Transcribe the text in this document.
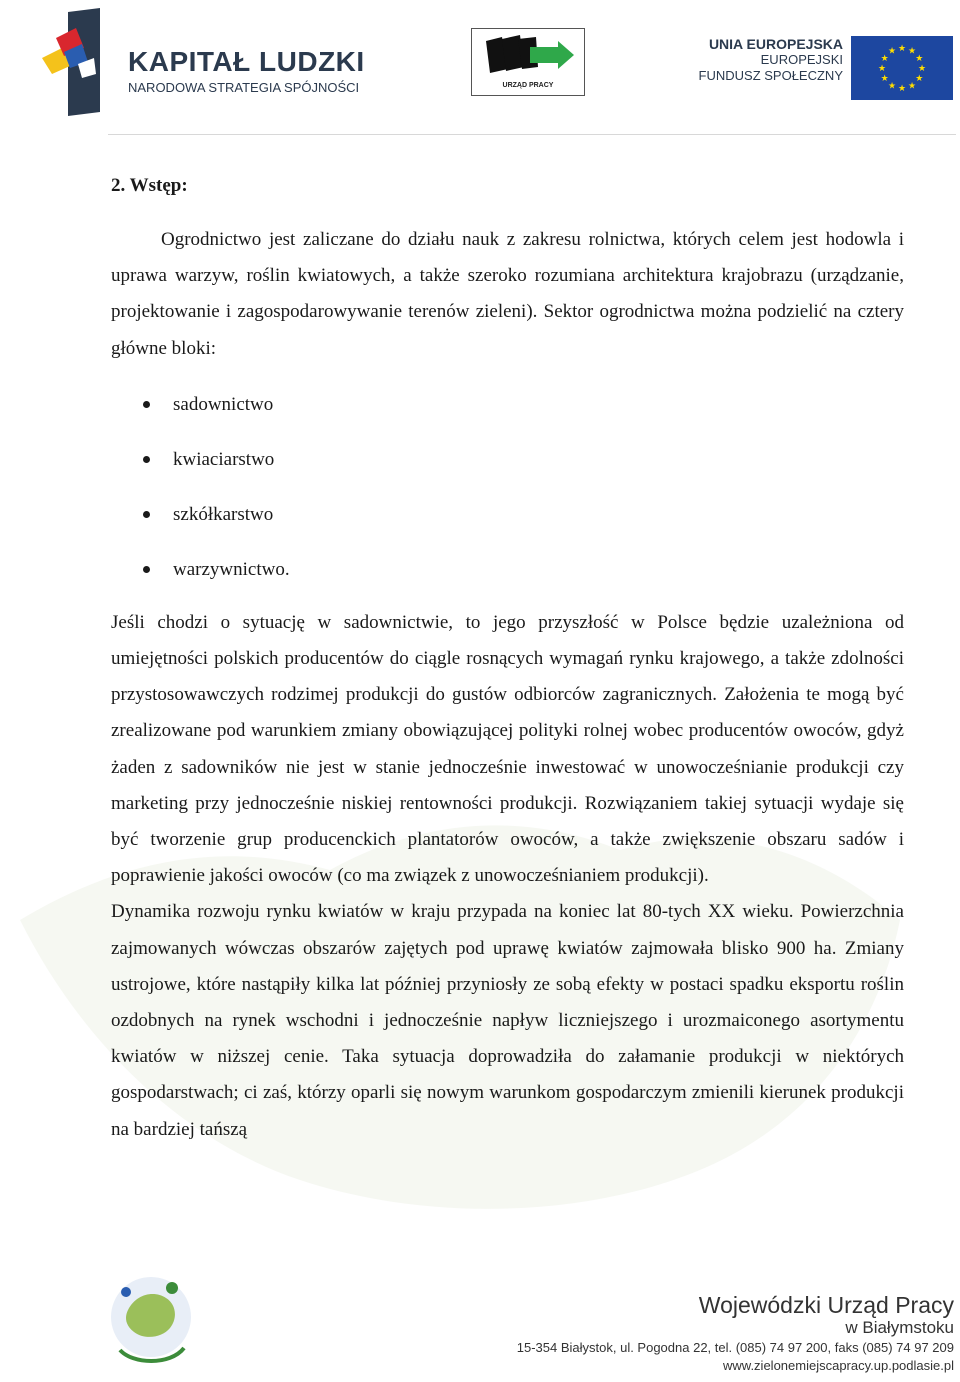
KAPITAŁ LUDZKI
NARODOWA STRATEGIA SPÓJNOŚCI	URZĄD PRACY
UNIA EUROPEJSKA
EUROPEJSKI
FUNDUSZ SPOŁECZNY
★ ★
★
★
★
★
★
★
★
★
★
★
2. Wstęp:

Ogrodnictwo jest zaliczane do działu nauk z zakresu rolnictwa, których celem jest hodowla i uprawa warzyw, roślin kwiatowych, a także szeroko rozumiana architektura krajobrazu (urządzanie, projektowanie i zagospodarowywanie terenów zieleni). Sektor ogrodnictwa można podzielić na cztery główne bloki:

sadownictwo
kwiaciarstwo
szkółkarstwo
warzywnictwo.

Jeśli chodzi o sytuację w sadownictwie, to jego przyszłość w Polsce będzie uzależniona od umiejętności polskich producentów do ciągle rosnących wymagań rynku krajowego, a także zdolności przystosowawczych rodzimej produkcji do gustów odbiorców zagranicznych. Założenia te mogą być zrealizowane pod warunkiem zmiany obowiązującej polityki rolnej wobec producentów owoców, gdyż żaden z sadowników nie jest w stanie jednocześnie inwestować w unowocześnianie produkcji czy marketing przy jednocześnie niskiej rentowności produkcji. Rozwiązaniem takiej sytuacji wydaje się być tworzenie grup producenckich plantatorów owoców, a także zwiększenie obszaru sadów i poprawienie jakości owoców (co ma związek z unowocześnianiem produkcji).

Dynamika rozwoju rynku kwiatów w kraju przypada na koniec lat 80-tych XX wieku. Powierzchnia zajmowanych wówczas obszarów zajętych pod uprawę kwiatów zajmowała blisko 900 ha. Zmiany ustrojowe, które nastąpiły kilka lat później przyniosły ze sobą efekty w postaci spadku eksportu roślin ozdobnych na rynek wschodni i jednocześnie napływ liczniejszego i urozmaiconego asortymentu kwiatów w niższej cenie. Taka sytuacja doprowadziła do załamanie produkcji w niektórych gospodarstwach; ci zaś, którzy oparli się nowym warunkom gospodarczym zmienili kierunek produkcji na bardziej tańszą

Wojewódzki Urząd Pracy
w Białymstoku
15-354 Białystok, ul. Pogodna 22, tel. (085) 74 97 200, faks (085) 74 97 209
www.zielonemiejscapracy.up.podlasie.pl
